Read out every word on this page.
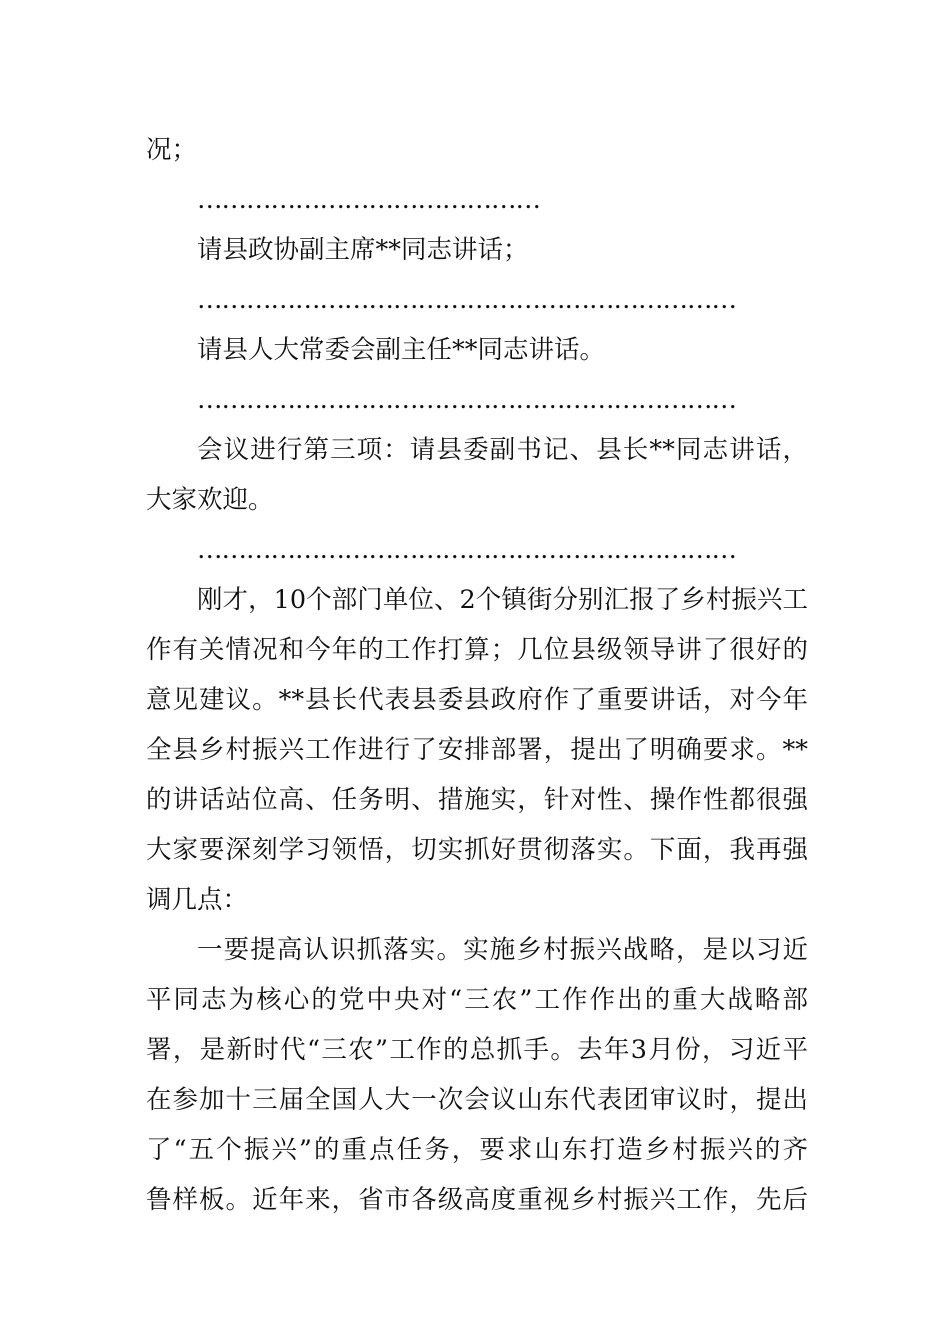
况；
……………………………………
请县政协副主席**同志讲话；
…………………………………………………………
请县人大常委会副主任**同志讲话。
…………………………………………………………
会议进行第三项：请县委副书记、县长**同志讲话，
大家欢迎。
…………………………………………………………
刚才，10个部门单位、2个镇街分别汇报了乡村振兴工
作有关情况和今年的工作打算；几位县级领导讲了很好的
意见建议。**县长代表县委县政府作了重要讲话，对今年
全县乡村振兴工作进行了安排部署，提出了明确要求。**
的讲话站位高、任务明、措施实，针对性、操作性都很强
大家要深刻学习领悟，切实抓好贯彻落实。下面，我再强
调几点：
一要提高认识抓落实。实施乡村振兴战略，是以习近
平同志为核心的党中央对“三农”工作作出的重大战略部
署，是新时代“三农”工作的总抓手。去年3月份，习近平
在参加十三届全国人大一次会议山东代表团审议时，提出
了“五个振兴”的重点任务，要求山东打造乡村振兴的齐
鲁样板。近年来，省市各级高度重视乡村振兴工作，先后
